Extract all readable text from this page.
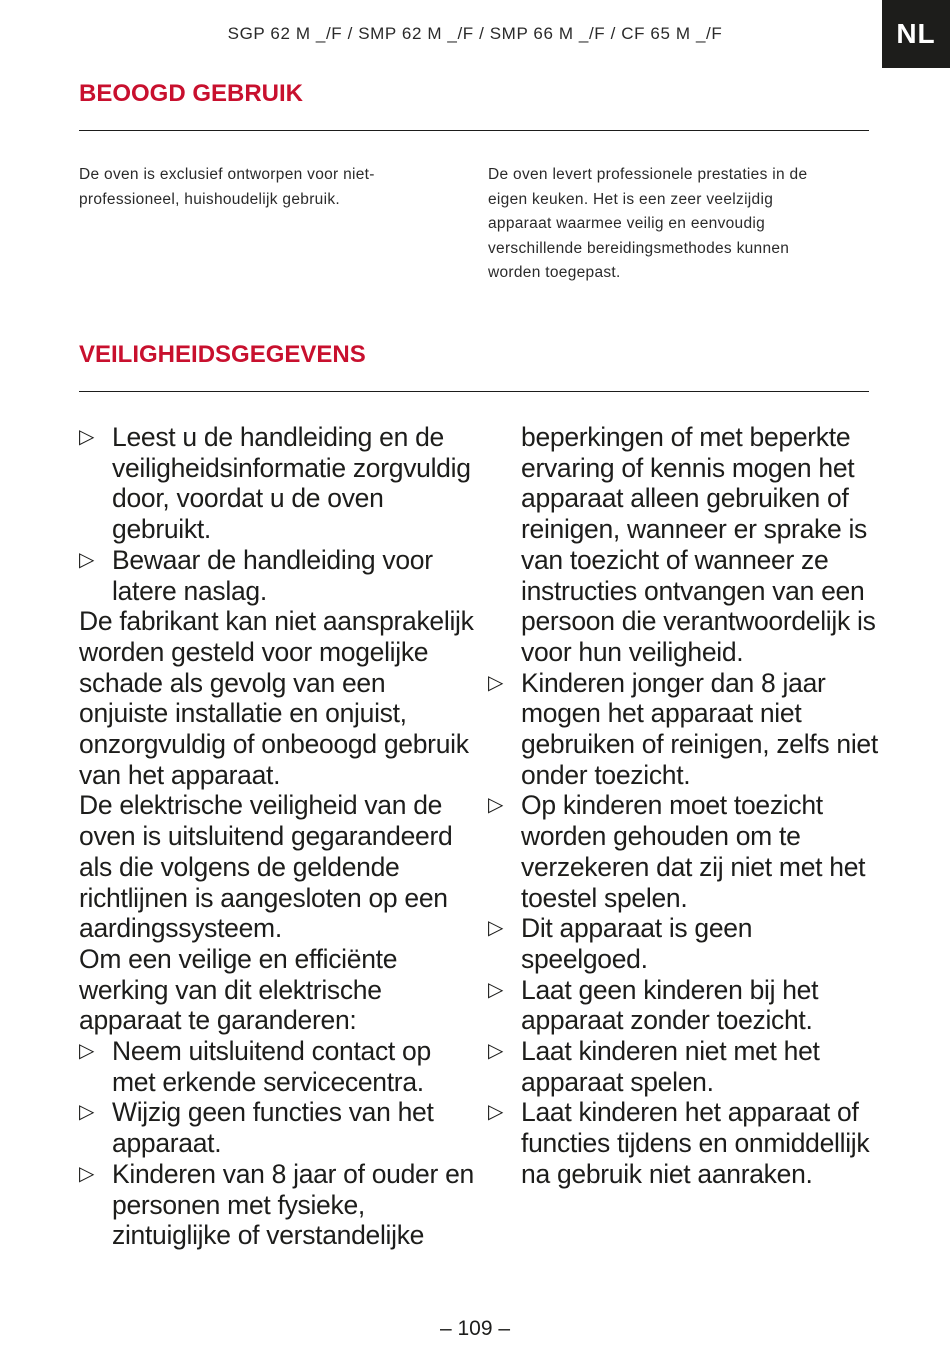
SGP 62 M _/F / SMP 62 M _/F / SMP 66 M _/F / CF 65 M _/F	NL
BEOOGD GEBRUIK

De oven is exclusief ontworpen voor niet-professioneel, huishoudelijk gebruik.

De oven levert professionele prestaties in de eigen keuken. Het is een zeer veelzijdig apparaat waarmee veilig en eenvoudig verschillende bereidingsmethodes kunnen worden toegepast.

VEILIGHEIDSGEGEVENS
▷ Leest u de handleiding en de veiligheidsinformatie zorgvuldig door, voordat u de oven gebruikt.

▷ Bewaar de handleiding voor latere naslag.

De fabrikant kan niet aansprakelijk worden gesteld voor mogelijke schade als gevolg van een onjuiste installatie en onjuist, onzorgvuldig of onbeoogd gebruik van het apparaat.

De elektrische veiligheid van de oven is uitsluitend gegarandeerd als die volgens de geldende richtlijnen is aangesloten op een aardingssysteem.

Om een veilige en efficiënte werking van dit elektrische apparaat te garanderen:

▷ Neem uitsluitend contact op met erkende servicecentra.

▷ Wijzig geen functies van het apparaat.

▷ Kinderen van 8 jaar of ouder en personen met fysieke, zintuiglijke of verstandelijke

beperkingen of met beperkte ervaring of kennis mogen het apparaat alleen gebruiken of reinigen, wanneer er sprake is van toezicht of wanneer ze instructies ontvangen van een persoon die verantwoordelijk is voor hun veiligheid.

▷ Kinderen jonger dan 8 jaar mogen het apparaat niet gebruiken of reinigen, zelfs niet onder toezicht.

▷ Op kinderen moet toezicht worden gehouden om te verzekeren dat zij niet met het toestel spelen.

▷ Dit apparaat is geen speelgoed.

▷ Laat geen kinderen bij het apparaat zonder toezicht.

▷ Laat kinderen niet met het apparaat spelen.

▷ Laat kinderen het apparaat of functies tijdens en onmiddellijk na gebruik niet aanraken.

– 109 –
